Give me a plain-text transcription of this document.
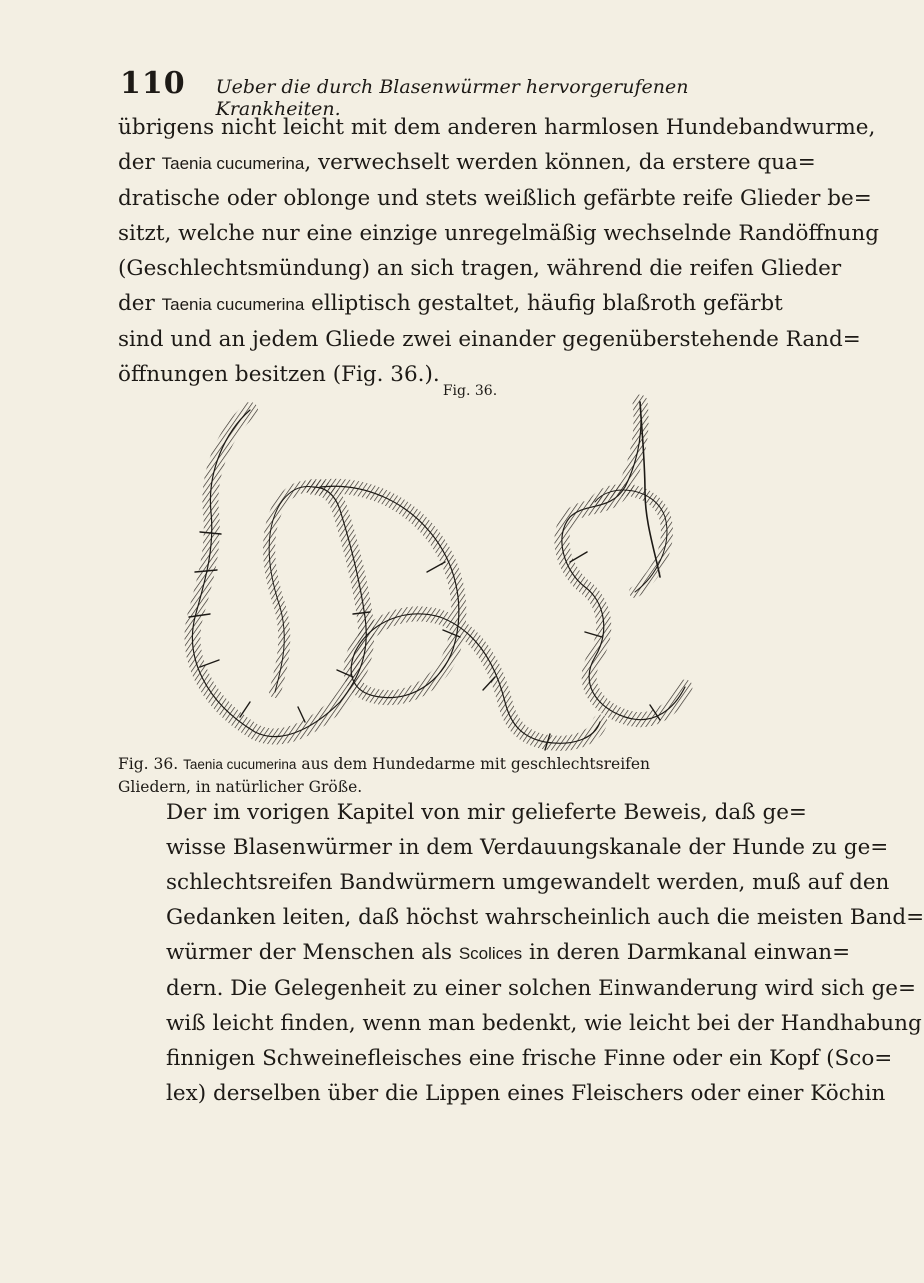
110 Ueber die durch Blasenwürmer hervorgerufenen Krankheiten.
übrigens nicht leicht mit dem anderen harmlosen Hundebandwurme,
der Taenia cucumerina, verwechselt werden können, da erstere qua=
dratische oder oblonge und stets weißlich gefärbte reife Glieder be=
sitzt, welche nur eine einzige unregelmäßig wechselnde Randöffnung
(Geschlechtsmündung) an sich tragen, während die reifen Glieder
der Taenia cucumerina elliptisch gestaltet, häufig blaßroth gefärbt
sind und an jedem Gliede zwei einander gegenüberstehende Rand=
öffnungen besitzen (Fig. 36.).
Fig. 36.
Fig. 36. Taenia cucumerina aus dem Hundedarme mit geschlechtsreifen
Gliedern, in natürlicher Größe.
Der im vorigen Kapitel von mir gelieferte Beweis, daß ge=
wisse Blasenwürmer in dem Verdauungskanale der Hunde zu ge=
schlechtsreifen Bandwürmern umgewandelt werden, muß auf den
Gedanken leiten, daß höchst wahrscheinlich auch die meisten Band=
würmer der Menschen als Scolices in deren Darmkanal einwan=
dern. Die Gelegenheit zu einer solchen Einwanderung wird sich ge=
wiß leicht finden, wenn man bedenkt, wie leicht bei der Handhabung
finnigen Schweinefleisches eine frische Finne oder ein Kopf (Sco=
lex) derselben über die Lippen eines Fleischers oder einer Köchin
